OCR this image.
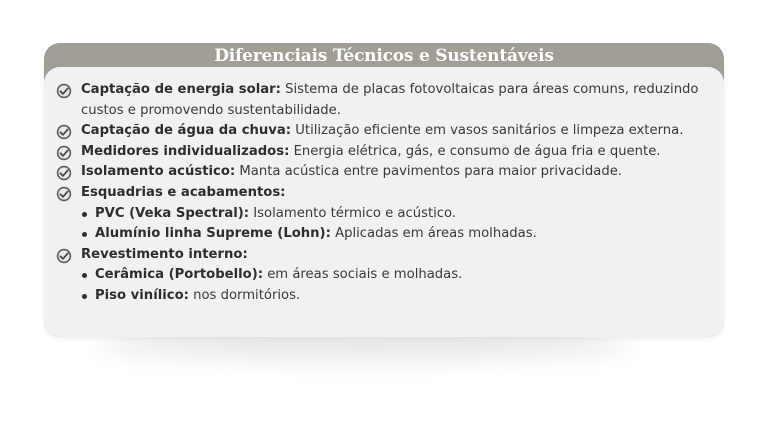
Diferenciais Técnicos e Sustentáveis
Captação de energia solar: Sistema de placas fotovoltaicas para áreas comuns, reduzindo custos e promovendo sustentabilidade.
Captação de água da chuva: Utilização eficiente em vasos sanitários e limpeza externa.
Medidores individualizados: Energia elétrica, gás, e consumo de água fria e quente.
Isolamento acústico: Manta acústica entre pavimentos para maior privacidade.
Esquadrias e acabamentos:
PVC (Veka Spectral): Isolamento térmico e acústico.
Alumínio linha Supreme (Lohn): Aplicadas em áreas molhadas.
Revestimento interno:
Cerâmica (Portobello): em áreas sociais e molhadas.
Piso vinílico: nos dormitórios.
